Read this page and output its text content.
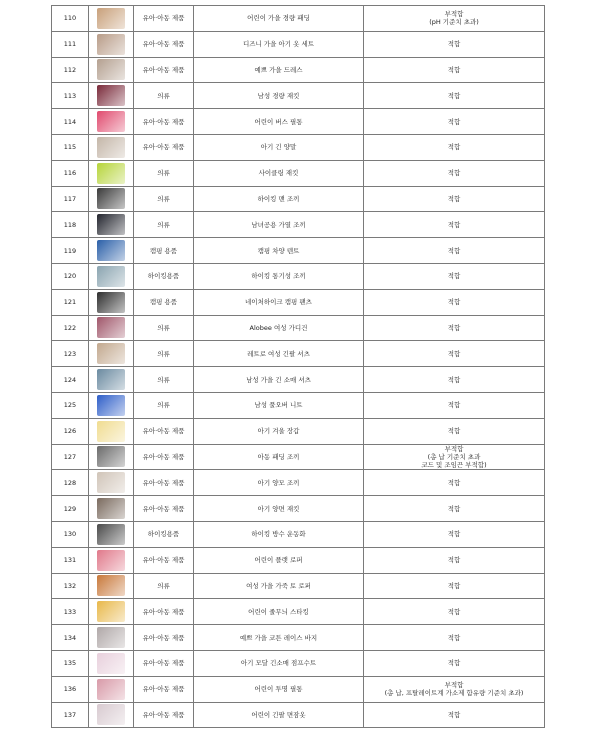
110		유아·아동 제품	어린이 가을 경량 패딩	부적합
(pH 기준치 초과)

111		유아·아동 제품	디즈니 가을 아기 옷 세트	적합

112		유아·아동 제품	예쁘 가을 드레스	적합

113		의류	남성 경량 재킷	적합

114		유아·아동 제품	어린이 버스 필통	적합

115		유아·아동 제품	아기 긴 양말	적합

116		의류	사이클링 재킷	적합

117		의류	하이킹 맨 조끼	적합

118		의류	남녀공용 가열 조끼	적합

119		캠핑 용품	캠핑 차양 텐트	적합

120		하이킹용품	하이킹 통기성 조끼	적합

121		캠핑 용품	네이처하이크 캠핑 팬츠	적합

122		의류	Alobee 여성 가디건	적합

123		의류	레트로 여성 긴팔 셔츠	적합

124		의류	남성 가을 긴 소매 셔츠	적합

125		의류	남성 풀오버 니트	적합

126		유아·아동 제품	아기 겨울 장갑	적합

127		유아·아동 제품	아동 패딩 조끼	부적합
(총 납 기준치 초과
코드 및 조임끈 부적합)

128		유아·아동 제품	아기 양모 조끼	적합

129		유아·아동 제품	아기 양면 재킷	적합

130		하이킹용품	하이킹 방수 운동화	적합

131		유아·아동 제품	어린이 플랫 로퍼	적합

132		의류	여성 가을 가죽 토 로퍼	적합

133		유아·아동 제품	어린이 줄무늬 스타킹	적합

134		유아·아동 제품	예쁘 가을 코튼 레이스 바지	적합

135		유아·아동 제품	아기 모달 긴소매 점프수트	적합

136		유아·아동 제품	어린이 투명 필통	부적합
(총 납, 프탈레이트계 가소제 함유량 기준치 초과)

137		유아·아동 제품	어린이 긴팔 면잠옷	적합
